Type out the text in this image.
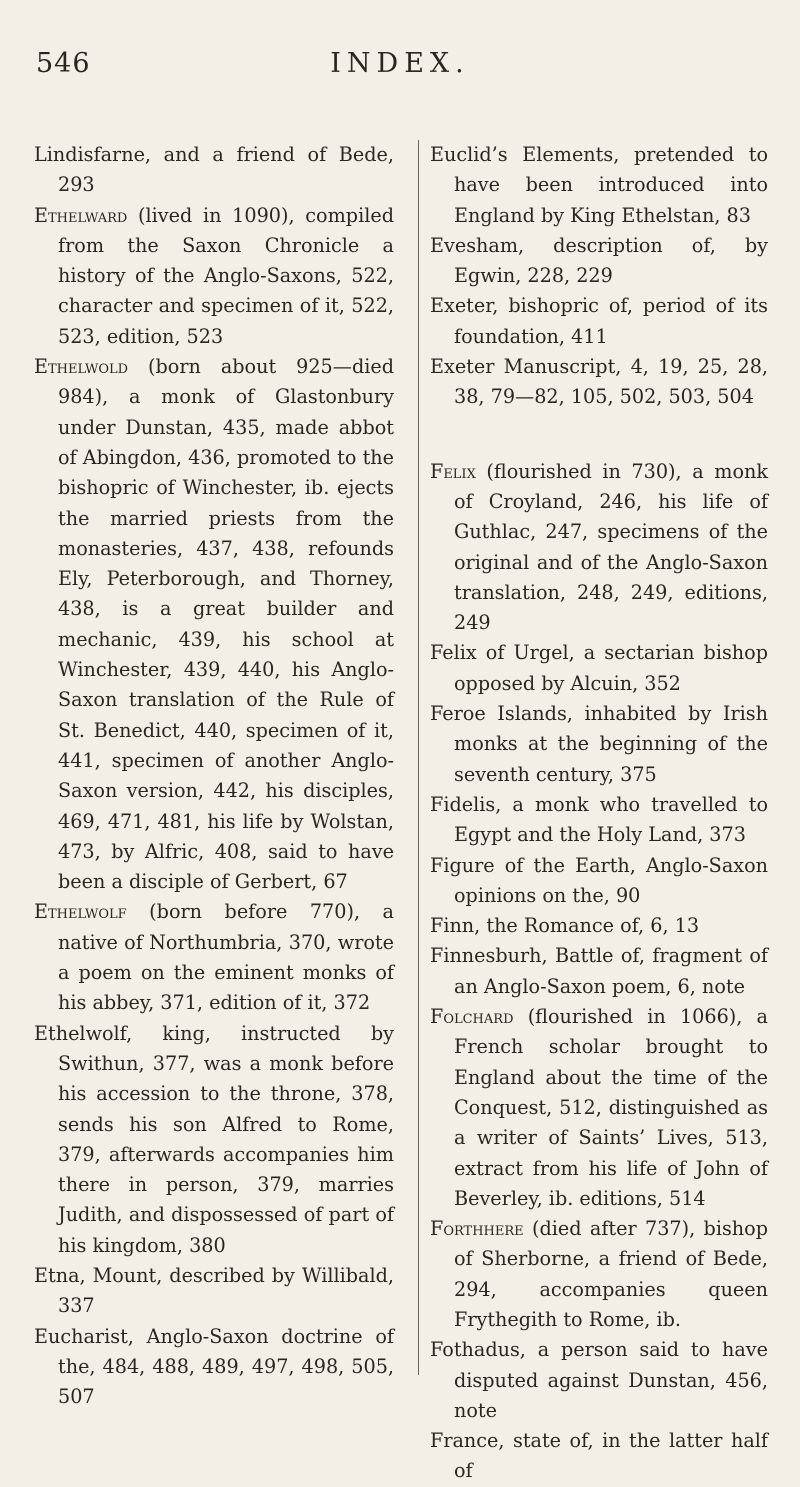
546	INDEX.

Lindisfarne, and a friend of Bede, 293

Ethelward (lived in 1090), compiled from the Saxon Chronicle a history of the Anglo-Saxons, 522, character and specimen of it, 522, 523, edition, 523

Ethelwold (born about 925—died 984), a monk of Glastonbury under Dunstan, 435, made abbot of Abingdon, 436, promoted to the bishopric of Winchester, ib. ejects the married priests from the monasteries, 437, 438, refounds Ely, Peterborough, and Thorney, 438, is a great builder and mechanic, 439, his school at Winchester, 439, 440, his Anglo-Saxon translation of the Rule of St. Benedict, 440, specimen of it, 441, specimen of another Anglo-Saxon version, 442, his disciples, 469, 471, 481, his life by Wolstan, 473, by Alfric, 408, said to have been a disciple of Gerbert, 67

Ethelwolf (born before 770), a native of Northumbria, 370, wrote a poem on the eminent monks of his abbey, 371, edition of it, 372

Ethelwolf, king, instructed by Swithun, 377, was a monk before his accession to the throne, 378, sends his son Alfred to Rome, 379, afterwards accompanies him there in person, 379, marries Judith, and dispossessed of part of his kingdom, 380

Etna, Mount, described by Willibald, 337

Eucharist, Anglo-Saxon doctrine of the, 484, 488, 489, 497, 498, 505, 507

Euclid’s Elements, pretended to have been introduced into England by King Ethelstan, 83

Evesham, description of, by Egwin, 228, 229

Exeter, bishopric of, period of its foundation, 411

Exeter Manuscript, 4, 19, 25, 28, 38, 79—82, 105, 502, 503, 504

Felix (flourished in 730), a monk of Croyland, 246, his life of Guthlac, 247, specimens of the original and of the Anglo-Saxon translation, 248, 249, editions, 249

Felix of Urgel, a sectarian bishop opposed by Alcuin, 352

Feroe Islands, inhabited by Irish monks at the beginning of the seventh century, 375

Fidelis, a monk who travelled to Egypt and the Holy Land, 373

Figure of the Earth, Anglo-Saxon opinions on the, 90

Finn, the Romance of, 6, 13

Finnesburh, Battle of, fragment of an Anglo-Saxon poem, 6, note

Folchard (flourished in 1066), a French scholar brought to England about the time of the Conquest, 512, distinguished as a writer of Saints’ Lives, 513, extract from his life of John of Beverley, ib. editions, 514

Forthhere (died after 737), bishop of Sherborne, a friend of Bede, 294, accompanies queen Frythegith to Rome, ib.

Fothadus, a person said to have disputed against Dunstan, 456, note

France, state of, in the latter half of
